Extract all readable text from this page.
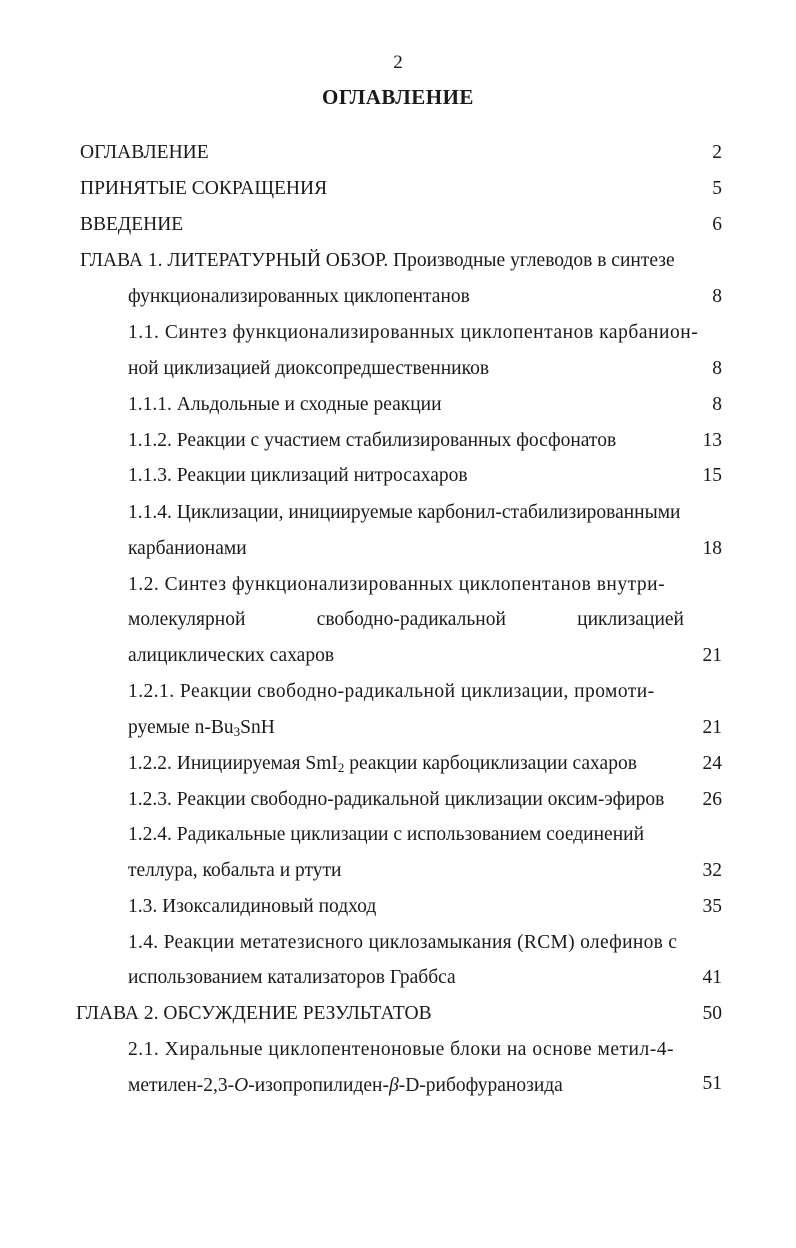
2
ОГЛАВЛЕНИЕ
ОГЛАВЛЕНИЕ	2
ПРИНЯТЫЕ СОКРАЩЕНИЯ	5
ВВЕДЕНИЕ	6
ГЛАВА 1. ЛИТЕРАТУРНЫЙ ОБЗОР. Производные углеводов в синтезе
функционализированных циклопентанов	8
1.1. Синтез функционализированных циклопентанов карбанион-
ной циклизацией диоксопредшественников	8
1.1.1. Альдольные и сходные реакции	8
1.1.2. Реакции с участием стабилизированных фосфонатов	13
1.1.3. Реакции циклизаций нитросахаров	15
1.1.4. Циклизации, инициируемые карбонил-стабилизированными
карбанионами	18
1.2. Синтез функционализированных циклопентанов внутри-
молекулярной	свободно-радикальной	циклизацией
алициклических сахаров	21
1.2.1. Реакции свободно-радикальной циклизации, промоти-
руемые $n-Bu_3SnH$	21
1.2.2. Инициируемая SmI$_2$ реакции карбоциклизации сахаров	24
1.2.3. Реакции свободно-радикальной циклизации оксим-эфиров	26
1.2.4. Радикальные циклизации с использованием соединений
теллура, кобальта и ртути	32
1.3. Изоксалидиновый подход	35
1.4. Реакции метатезисного циклозамыкания (RCM) олефинов с
использованием катализаторов Граббса	41
ГЛАВА 2. ОБСУЖДЕНИЕ РЕЗУЛЬТАТОВ	50
2.1. Хиральные циклопентеноновые блоки на основе метил-4-
метилен-2,3-O-изопропилиден-β-D-рибофуранозида	51
